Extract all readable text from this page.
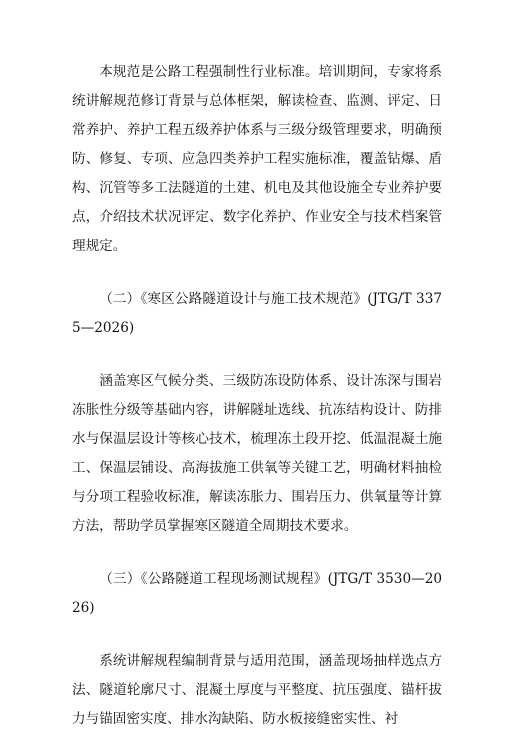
本规范是公路工程强制性行业标准。培训期间，专家将系统讲解规范修订背景与总体框架，解读检查、监测、评定、日常养护、养护工程五级养护体系与三级分级管理要求，明确预防、修复、专项、应急四类养护工程实施标准，覆盖钻爆、盾构、沉管等多工法隧道的土建、机电及其他设施全专业养护要点，介绍技术状况评定、数字化养护、作业安全与技术档案管理规定。

（二）《寒区公路隧道设计与施工技术规范》(JTG/T 3375—2026)

涵盖寒区气候分类、三级防冻设防体系、设计冻深与围岩冻胀性分级等基础内容，讲解隧址选线、抗冻结构设计、防排水与保温层设计等核心技术，梳理冻土段开挖、低温混凝土施工、保温层铺设、高海拔施工供氧等关键工艺，明确材料抽检与分项工程验收标准，解读冻胀力、围岩压力、供氧量等计算方法，帮助学员掌握寒区隧道全周期技术要求。

（三）《公路隧道工程现场测试规程》(JTG/T 3530—2026)

系统讲解规程编制背景与适用范围，涵盖现场抽样选点方法、隧道轮廓尺寸、混凝土厚度与平整度、抗压强度、锚杆拔力与锚固密实度、排水沟缺陷、防水板接缝密实性、衬
